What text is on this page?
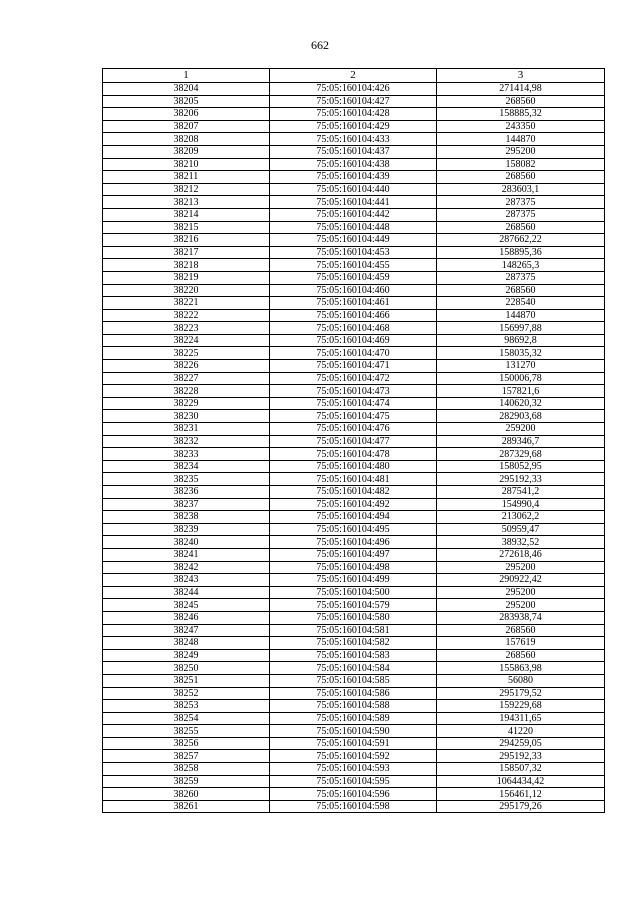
662
1	2	3
38204	75:05:160104:426	271414,98
38205	75:05:160104:427	268560
38206	75:05:160104:428	158885,32
38207	75:05:160104:429	243350
38208	75:05:160104:433	144870
38209	75:05:160104:437	295200
38210	75:05:160104:438	158082
38211	75:05:160104:439	268560
38212	75:05:160104:440	283603,1
38213	75:05:160104:441	287375
38214	75:05:160104:442	287375
38215	75:05:160104:448	268560
38216	75:05:160104:449	287662,22
38217	75:05:160104:453	158895,36
38218	75:05:160104:455	148265,3
38219	75:05:160104:459	287375
38220	75:05:160104:460	268560
38221	75:05:160104:461	228540
38222	75:05:160104:466	144870
38223	75:05:160104:468	156997,88
38224	75:05:160104:469	98692,8
38225	75:05:160104:470	158035,32
38226	75:05:160104:471	131270
38227	75:05:160104:472	150006,78
38228	75:05:160104:473	157821,6
38229	75:05:160104:474	140620,32
38230	75:05:160104:475	282903,68
38231	75:05:160104:476	259200
38232	75:05:160104:477	289346,7
38233	75:05:160104:478	287329,68
38234	75:05:160104:480	158052,95
38235	75:05:160104:481	295192,33
38236	75:05:160104:482	287541,2
38237	75:05:160104:492	154990,4
38238	75:05:160104:494	213062,2
38239	75:05:160104:495	50959,47
38240	75:05:160104:496	38932,52
38241	75:05:160104:497	272618,46
38242	75:05:160104:498	295200
38243	75:05:160104:499	290922,42
38244	75:05:160104:500	295200
38245	75:05:160104:579	295200
38246	75:05:160104:580	283938,74
38247	75:05:160104:581	268560
38248	75:05:160104:582	157619
38249	75:05:160104:583	268560
38250	75:05:160104:584	155863,98
38251	75:05:160104:585	56080
38252	75:05:160104:586	295179,52
38253	75:05:160104:588	159229,68
38254	75:05:160104:589	194311,65
38255	75:05:160104:590	41220
38256	75:05:160104:591	294259,05
38257	75:05:160104:592	295192,33
38258	75:05:160104:593	158507,32
38259	75:05:160104:595	1064434,42
38260	75:05:160104:596	156461,12
38261	75:05:160104:598	295179,26
